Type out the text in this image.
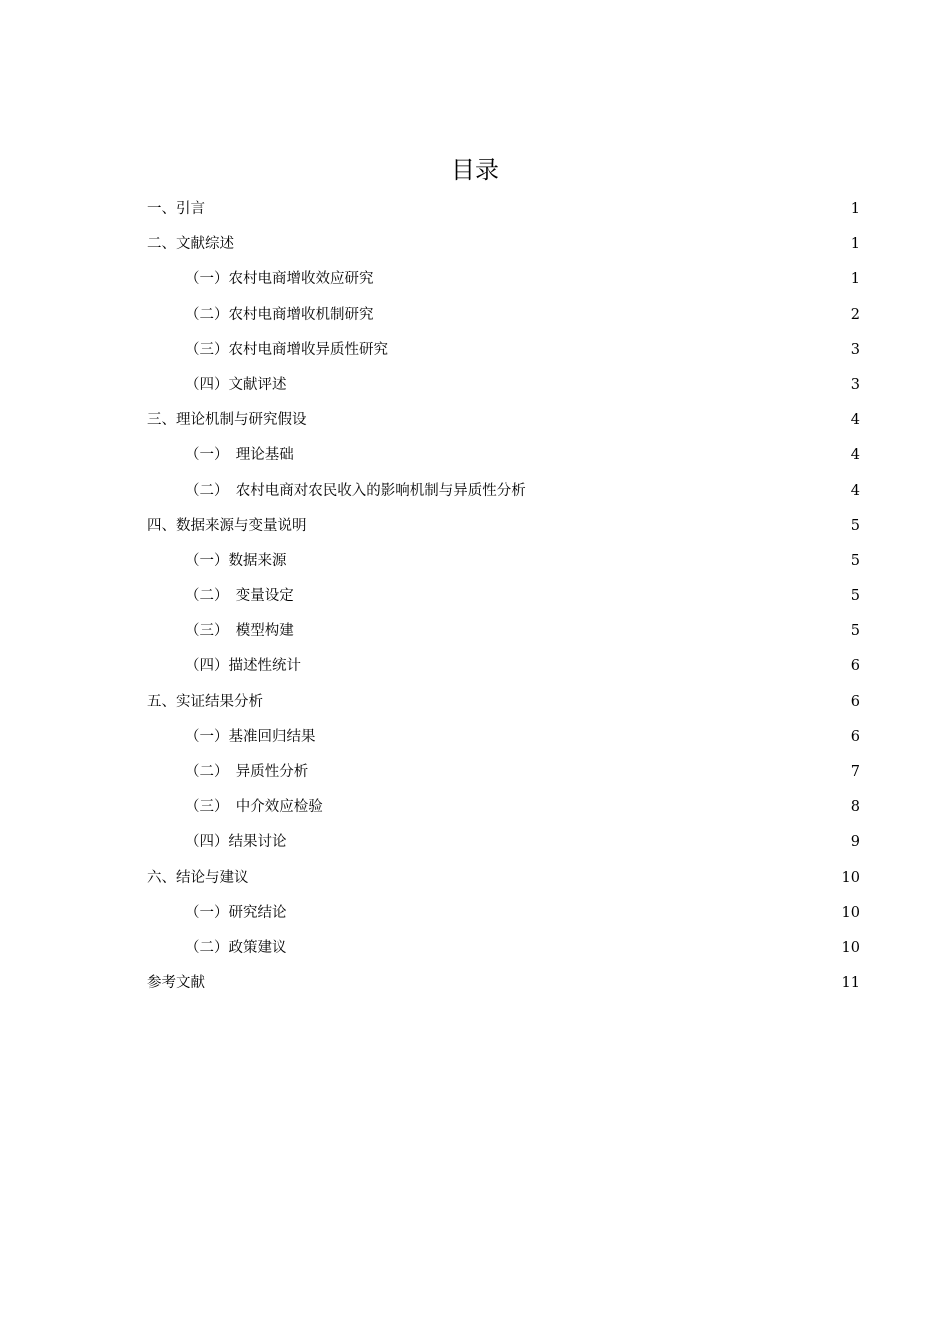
目录
一、引言	1
二、文献综述	1
（一）农村电商增收效应研究	1
（二）农村电商增收机制研究	2
（三）农村电商增收异质性研究	3
（四）文献评述	3
三、理论机制与研究假设	4
（一）　理论基础	4
（二）　农村电商对农民收入的影响机制与异质性分析	4
四、数据来源与变量说明	5
（一）数据来源	5
（二）　变量设定	5
（三）　模型构建	5
（四）描述性统计	6
五、实证结果分析	6
（一）基准回归结果	6
（二）　异质性分析	7
（三）　中介效应检验	8
（四）结果讨论	9
六、结论与建议	10
（一）研究结论	10
（二）政策建议	10
参考文献	11
